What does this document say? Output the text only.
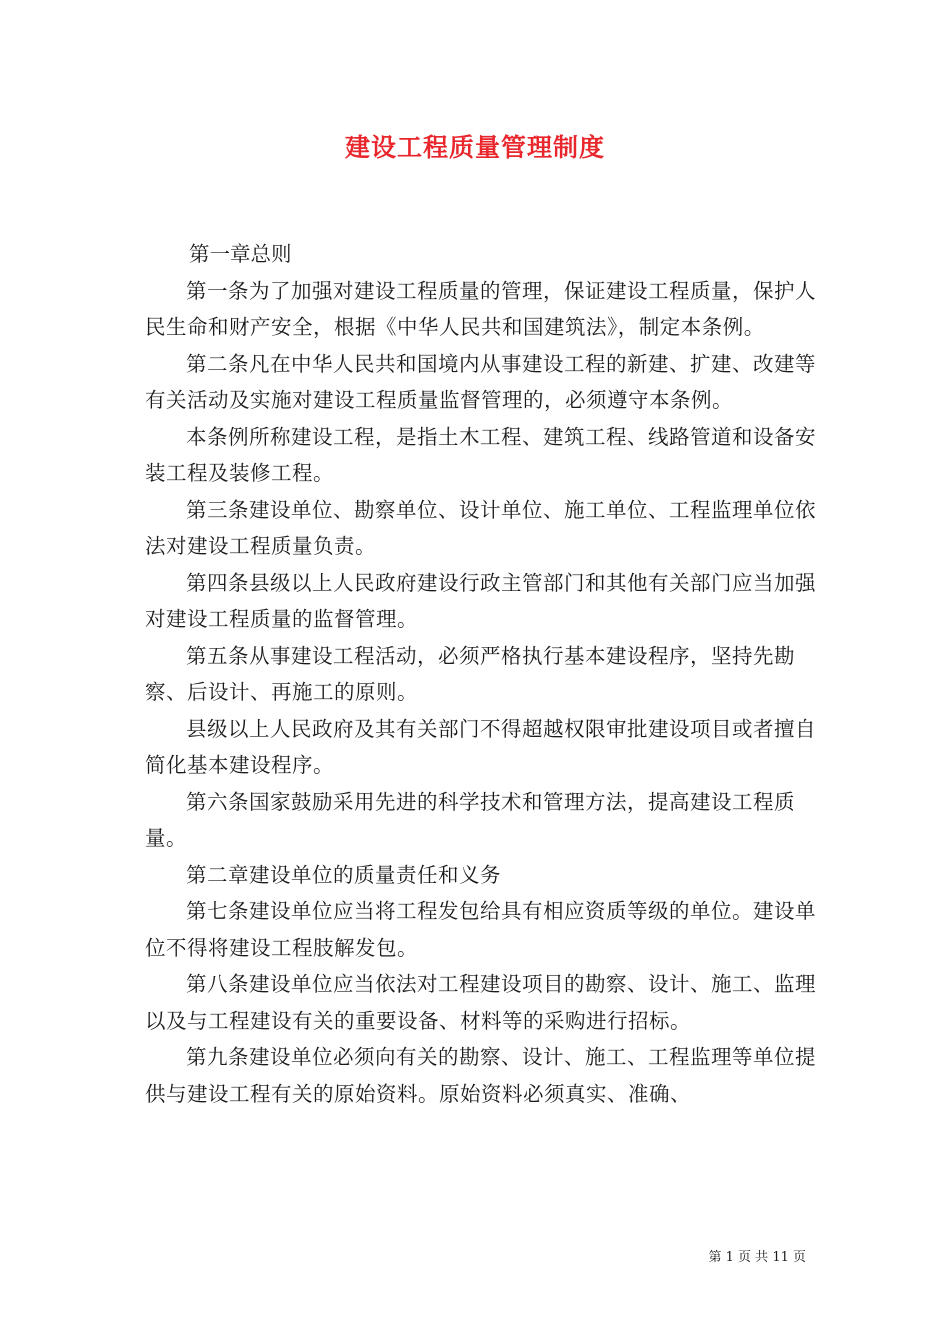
建设工程质量管理制度

第一章总则

第一条为了加强对建设工程质量的管理，保证建设工程质量，保护人民生命和财产安全，根据《中华人民共和国建筑法》，制定本条例。

第二条凡在中华人民共和国境内从事建设工程的新建、扩建、改建等有关活动及实施对建设工程质量监督管理的，必须遵守本条例。

本条例所称建设工程，是指土木工程、建筑工程、线路管道和设备安装工程及装修工程。

第三条建设单位、勘察单位、设计单位、施工单位、工程监理单位依法对建设工程质量负责。

第四条县级以上人民政府建设行政主管部门和其他有关部门应当加强对建设工程质量的监督管理。

第五条从事建设工程活动，必须严格执行基本建设程序，坚持先勘察、后设计、再施工的原则。

县级以上人民政府及其有关部门不得超越权限审批建设项目或者擅自简化基本建设程序。

第六条国家鼓励采用先进的科学技术和管理方法，提高建设工程质量。

第二章建设单位的质量责任和义务

第七条建设单位应当将工程发包给具有相应资质等级的单位。建设单位不得将建设工程肢解发包。

第八条建设单位应当依法对工程建设项目的勘察、设计、施工、监理以及与工程建设有关的重要设备、材料等的采购进行招标。

第九条建设单位必须向有关的勘察、设计、施工、工程监理等单位提供与建设工程有关的原始资料。原始资料必须真实、准确、

第 1 页 共 11 页
